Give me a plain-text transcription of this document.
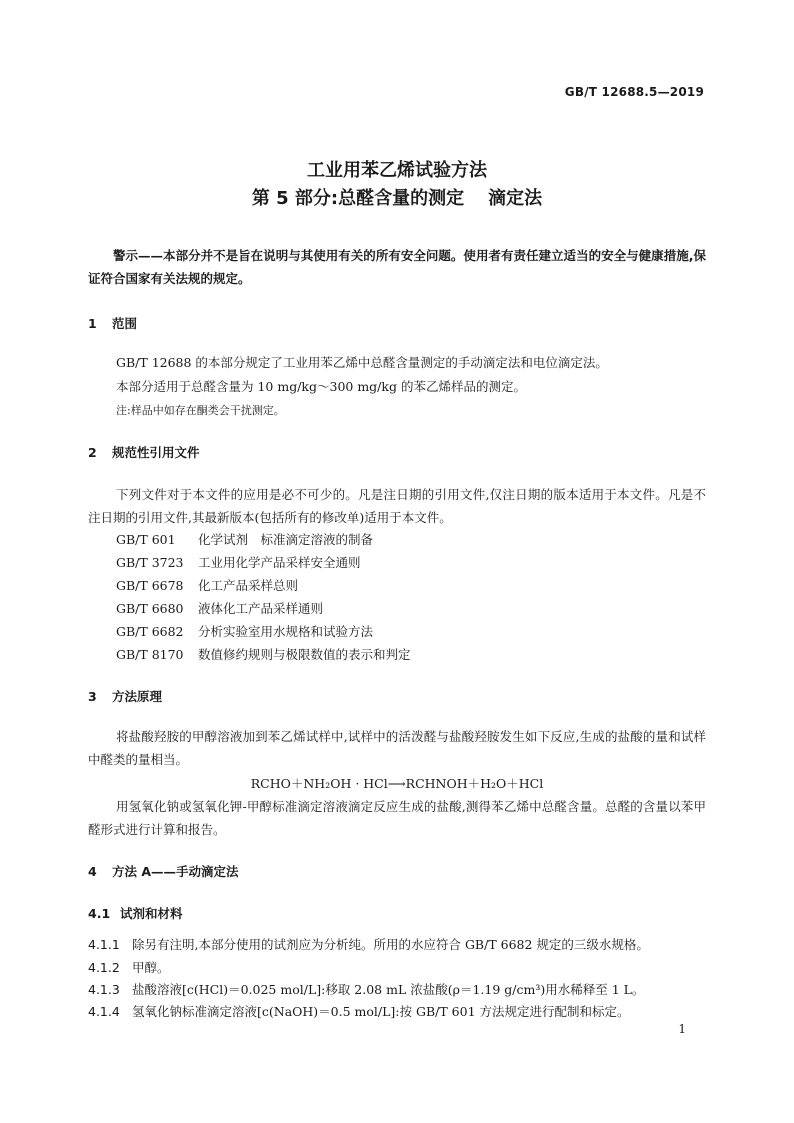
GB/T 12688.5—2019
工业用苯乙烯试验方法
第 5 部分:总醛含量的测定 滴定法
警示——本部分并不是旨在说明与其使用有关的所有安全问题。使用者有责任建立适当的安全与健康措施,保证符合国家有关法规的规定。
1 范围
GB/T 12688 的本部分规定了工业用苯乙烯中总醛含量测定的手动滴定法和电位滴定法。
本部分适用于总醛含量为 10 mg/kg～300 mg/kg 的苯乙烯样品的测定。
注:样品中如存在酮类会干扰测定。
2 规范性引用文件
下列文件对于本文件的应用是必不可少的。凡是注日期的引用文件,仅注日期的版本适用于本文件。凡是不注日期的引用文件,其最新版本(包括所有的修改单)适用于本文件。
GB/T 601 化学试剂　标准滴定溶液的制备
GB/T 3723 工业用化学产品采样安全通则
GB/T 6678 化工产品采样总则
GB/T 6680 液体化工产品采样通则
GB/T 6682 分析实验室用水规格和试验方法
GB/T 8170 数值修约规则与极限数值的表示和判定
3 方法原理
将盐酸羟胺的甲醇溶液加到苯乙烯试样中,试样中的活泼醛与盐酸羟胺发生如下反应,生成的盐酸的量和试样中醛类的量相当。
RCHO＋NH₂OH · HCl⟶RCHNOH＋H₂O＋HCl
用氢氧化钠或氢氧化钾-甲醇标准滴定溶液滴定反应生成的盐酸,测得苯乙烯中总醛含量。总醛的含量以苯甲醛形式进行计算和报告。
4 方法 A——手动滴定法
4.1 试剂和材料
4.1.1 除另有注明,本部分使用的试剂应为分析纯。所用的水应符合 GB/T 6682 规定的三级水规格。
4.1.2 甲醇。
4.1.3 盐酸溶液[c(HCl)＝0.025 mol/L]:移取 2.08 mL 浓盐酸(ρ＝1.19 g/cm³)用水稀释至 1 L。
4.1.4 氢氧化钠标准滴定溶液[c(NaOH)＝0.5 mol/L]:按 GB/T 601 方法规定进行配制和标定。
1
